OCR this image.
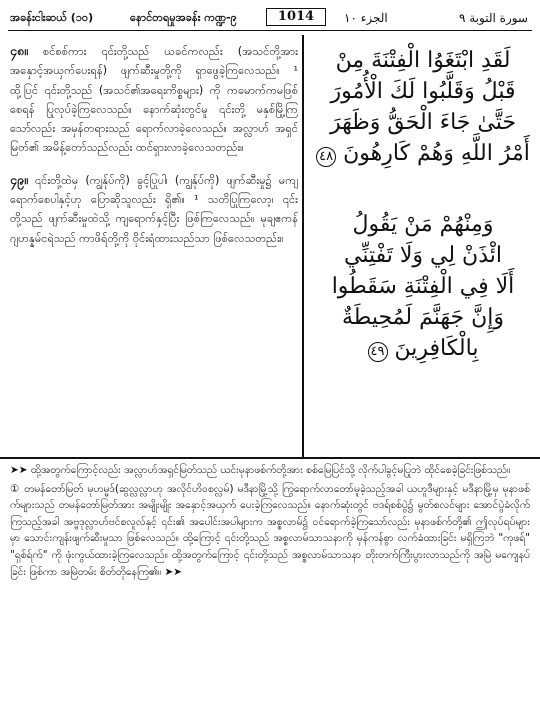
အခန်းငါးဆယ် (၁၀)	နောင်တရမှုအခန်း ကဏ္ဍ-၉	1014	الجزء ١٠	سورة التوبة ٩

၄၈။ စင်စစ်ကား ၎င်းတို့သည် ယခင်ကလည်း (အသင်တို့အား အနှောင့်အယှက်ပေးရန်) ဖျက်ဆီးမှုတို့ကို ရှာဖွေခဲ့ကြလေသည်။ ¹ ထို့ပြင် ၎င်းတို့သည် (အသင်၏အရေးကိစ္စများ) ကို ကမောက်ကမဖြစ်စေရန် ပြုလုပ်ခဲ့ကြလေသည်။ နောက်ဆုံးတွင်မူ ၎င်းတို့ မနှစ်မြို့ကြသော်လည်း အမှန်တရားသည် ရောက်လာခဲ့လေသည်။ အလ္လာဟ် အရှင်မြတ်၏ အမိန့်တော်သည်လည်း ထင်ရှားလာခဲ့လေသတည်း။

၄၉။ ၎င်းတို့ထဲမှ (ကျွန်ုပ်ကို) ခွင့်ပြုပါ၊ (ကျွန်ုပ်ကို) ဖျက်ဆီးမှု၌ မကျရောက်စေပါနှင့်ဟု ပြောဆိုသူလည်း ရှိ၏။ ¹ သတိပြုကြလော့၊ ၎င်းတို့သည် ဖျက်ဆီးမှုထဲသို့ ကျရောက်နှင့်ပြီး ဖြစ်ကြလေသည်။ မုချဧကန် ဂျဟန္နမ်ငရဲသည် ကာဖိရ်တို့ကို ဝိုင်းရံထားသည်သာ ဖြစ်လေသတည်း။

لَقَدِ ابْتَغَوُا الْفِتْنَةَ مِنْ
قَبْلُ وَقَلَّبُوا لَكَ الْأُمُورَ
حَتَّىٰ جَاءَ الْحَقُّ وَظَهَرَ
أَمْرُ اللَّهِ وَهُمْ كَارِهُونَ ٤٨
وَمِنْهُمْ مَنْ يَقُولُ
ائْذَنْ لِي وَلَا تَفْتِنِّي
أَلَا فِي الْفِتْنَةِ سَقَطُوا
وَإِنَّ جَهَنَّمَ لَمُحِيطَةٌ
بِالْكَافِرِينَ ٤٩

➤➤ ထို့အတွက်ကြောင့်လည်း အလ္လာဟ်အရှင်မြတ်သည် ယင်းမုနာဖစ်က်တို့အား စစ်မြေပြင်သို့ လိုက်ပါခွင့်မပြုဘဲ ထိုင်စေခဲ့ခြင်းဖြစ်သည်။

① တမန်တော်မြတ် မုဟမ္မဒ်(ဆွလ္လလ္လာဟု အလိုင်ဟိဝစလ္လမ်) မဒီနာမြို့သို့ ကြွရောက်လာတော်မူခဲ့သည့်အခါ ယဟူဒီများနှင့် မဒီနာမြို့မှ မုနာဖစ်က်များသည် တမန်တော်မြတ်အား အမျိုးမျိုး အနှောင့်အယှက် ပေးခဲ့ကြလေသည်။ နောက်ဆုံးတွင် ဗဒရ်စစ်ပွဲ၌ မွတ်စလင်များ အောင်ပွဲခံလိုက်ကြသည့်အခါ အဗ္ဗဒုလ္လာဟ်ဗင်စလူလ်နှင့် ၎င်း၏ အပေါင်းအပါများက အစ္စလာမ်၌ ဝင်ရောက်ခဲ့ကြသော်လည်း မုနာဖစ်က်တို့၏ ဤလုပ်ရပ်များမှာ သောင်းကျန်းဖျက်ဆီးမှုသာ ဖြစ်လေသည်။ ထို့ကြောင့် ၎င်းတို့သည် အစ္စလာမ်သာသနာကို မှန်ကန်စွာ လက်ခံထားခြင်း မရှိကြဘဲ "ကုဖရ်" "ရှစ်ရ်က်" ကို ဖုံးကွယ်ထားခဲ့ကြလေသည်။ ထို့အတွက်ကြောင့် ၎င်းတို့သည် အစ္စလာမ်သာသနာ တိုးတက်ကြီးပွားလာသည်ကို အမြဲ မကျေနပ်ခြင်း ဖြစ်ကာ အမြဲတမ်း စိတ်တိုနေကြ၏။ ➤➤
